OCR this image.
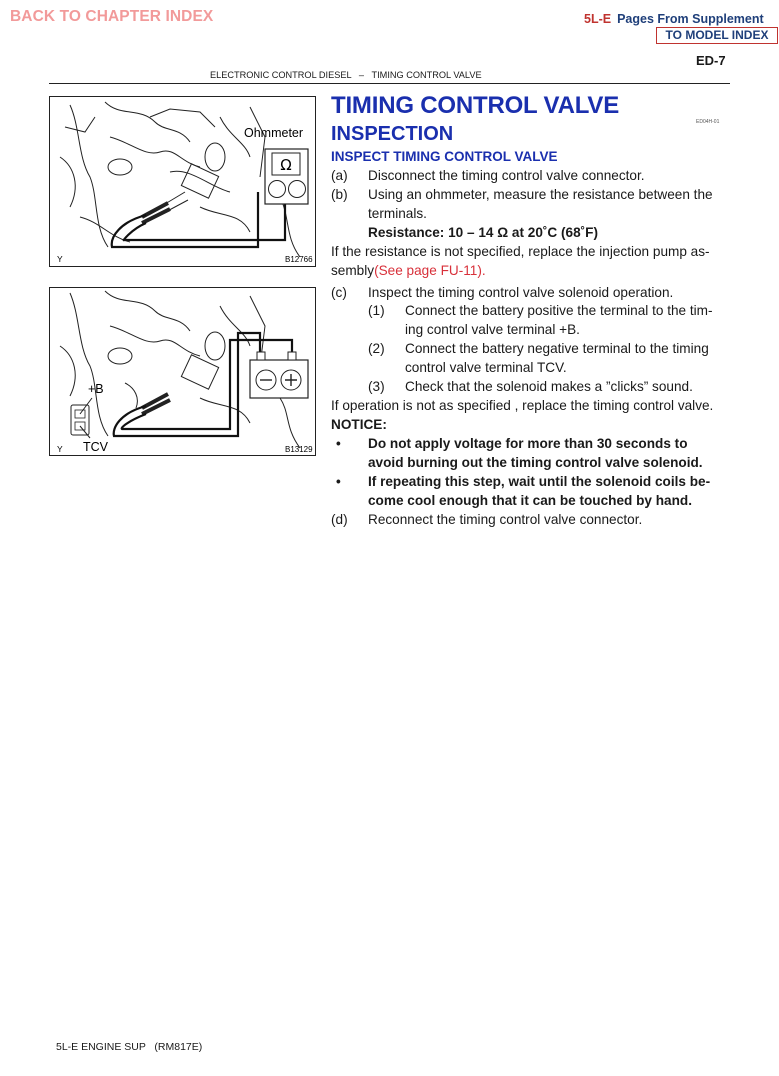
BACK TO CHAPTER INDEX	5L-E Pages From Supplement
TO MODEL INDEX
ED-7
ELECTRONIC CONTROL DIESEL   –   TIMING CONTROL VALVE
Ω
Ohmmeter
Y	B12766
+B
TCV
Y	B13129
TIMING CONTROL VALVE
INSPECTION
ED04H-01
INSPECT TIMING CONTROL VALVE
(a) Disconnect the timing control valve connector.
(b) Using an ohmmeter, measure the resistance between the
terminals.
Resistance: 10 – 14 Ω at 20˚C (68˚F)
If the resistance is not specified, replace the injection pump as-
sembly(See page FU-11).
(c) Inspect the timing control valve solenoid operation.
(1) Connect the battery positive the terminal to the tim-
ing control valve terminal +B.
(2) Connect the battery negative terminal to the timing
control valve terminal TCV.
(3) Check that the solenoid makes a ”clicks” sound.
If operation is not as specified , replace the timing control valve.
NOTICE:
• Do not apply voltage for more than 30 seconds to
avoid burning out the timing control valve solenoid.
• If repeating this step, wait until the solenoid coils be-
come cool enough that it can be touched by hand.
(d) Reconnect the timing control valve connector.
5L-E ENGINE SUP   (RM817E)
